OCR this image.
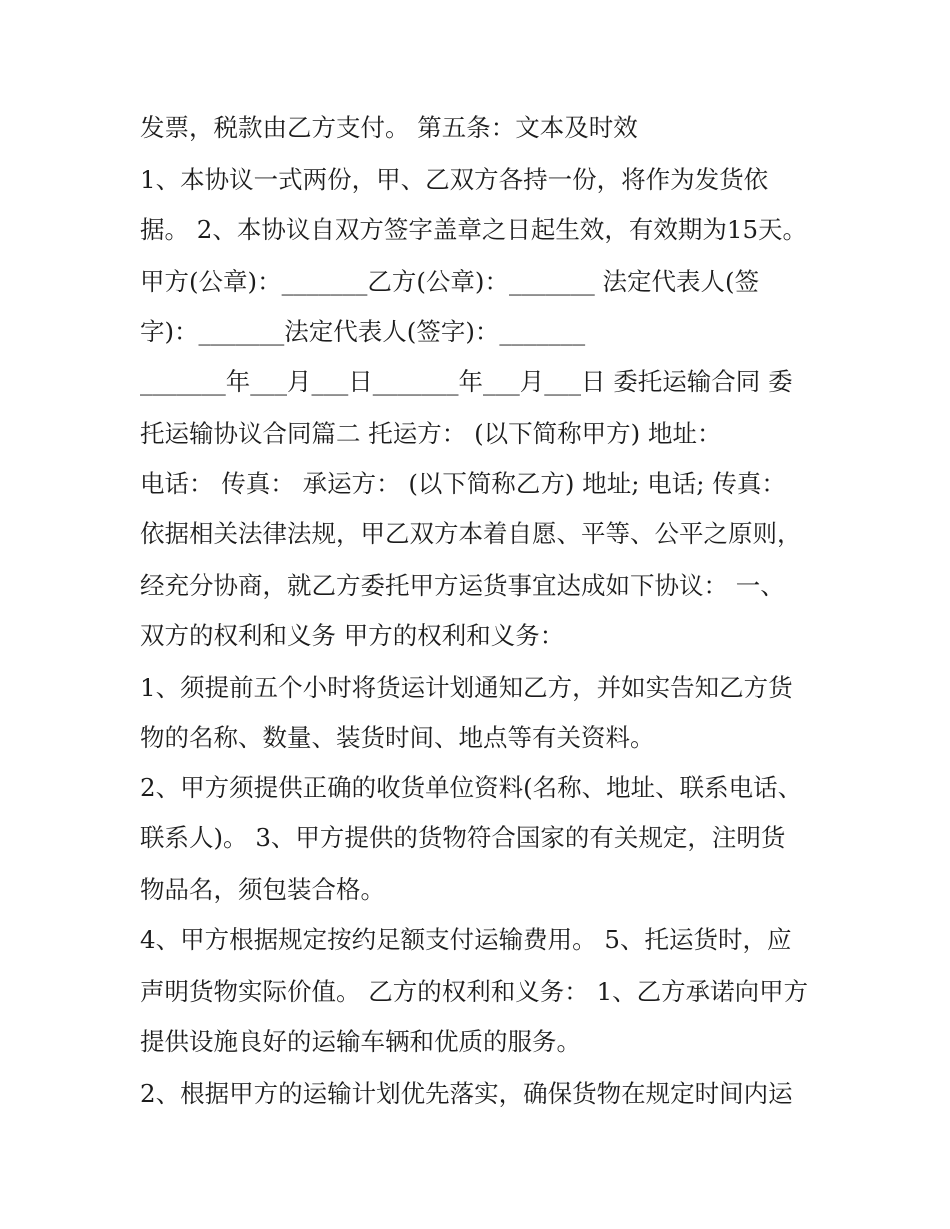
发票，税款由乙方支付。 第五条：文本及时效

1、本协议一式两份，甲、乙双方各持一份，将作为发货依

据。 2、本协议自双方签字盖章之日起生效，有效期为15天。

甲方(公章)：_______乙方(公章)：_______ 法定代表人(签

字)：_______法定代表人(签字)：_______

_______年___月___日_______年___月___日 委托运输合同 委

托运输协议合同篇二 托运方： (以下简称甲方) 地址：

电话： 传真： 承运方： (以下简称乙方) 地址; 电话; 传真：

依据相关法律法规，甲乙双方本着自愿、平等、公平之原则，

经充分协商，就乙方委托甲方运货事宜达成如下协议： 一、

双方的权利和义务 甲方的权利和义务：

1、须提前五个小时将货运计划通知乙方，并如实告知乙方货

物的名称、数量、装货时间、地点等有关资料。

2、甲方须提供正确的收货单位资料(名称、地址、联系电话、

联系人)。 3、甲方提供的货物符合国家的有关规定，注明货

物品名，须包装合格。

4、甲方根据规定按约足额支付运输费用。 5、托运货时，应

声明货物实际价值。 乙方的权利和义务： 1、乙方承诺向甲方

提供设施良好的运输车辆和优质的服务。

2、根据甲方的运输计划优先落实，确保货物在规定时间内运
